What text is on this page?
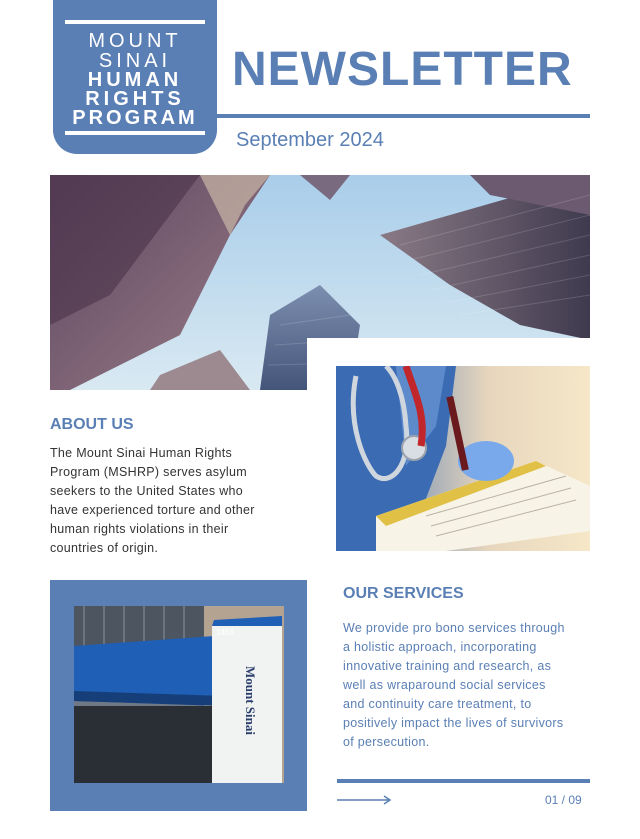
MOUNT
SINAI
HUMAN
RIGHTS
PROGRAM
NEWSLETTER
September 2024
ABOUT US
The Mount Sinai Human Rights
Program (MSHRP) serves asylum
seekers to the United States who
have experienced torture and other
human rights violations in their
countries of origin.
Mount Sinai
1468
OUR SERVICES
We provide pro bono services through
a holistic approach, incorporating
innovative training and research, as
well as wraparound social services
and continuity care treatment, to
positively impact the lives of survivors
of persecution.
01 / 09
